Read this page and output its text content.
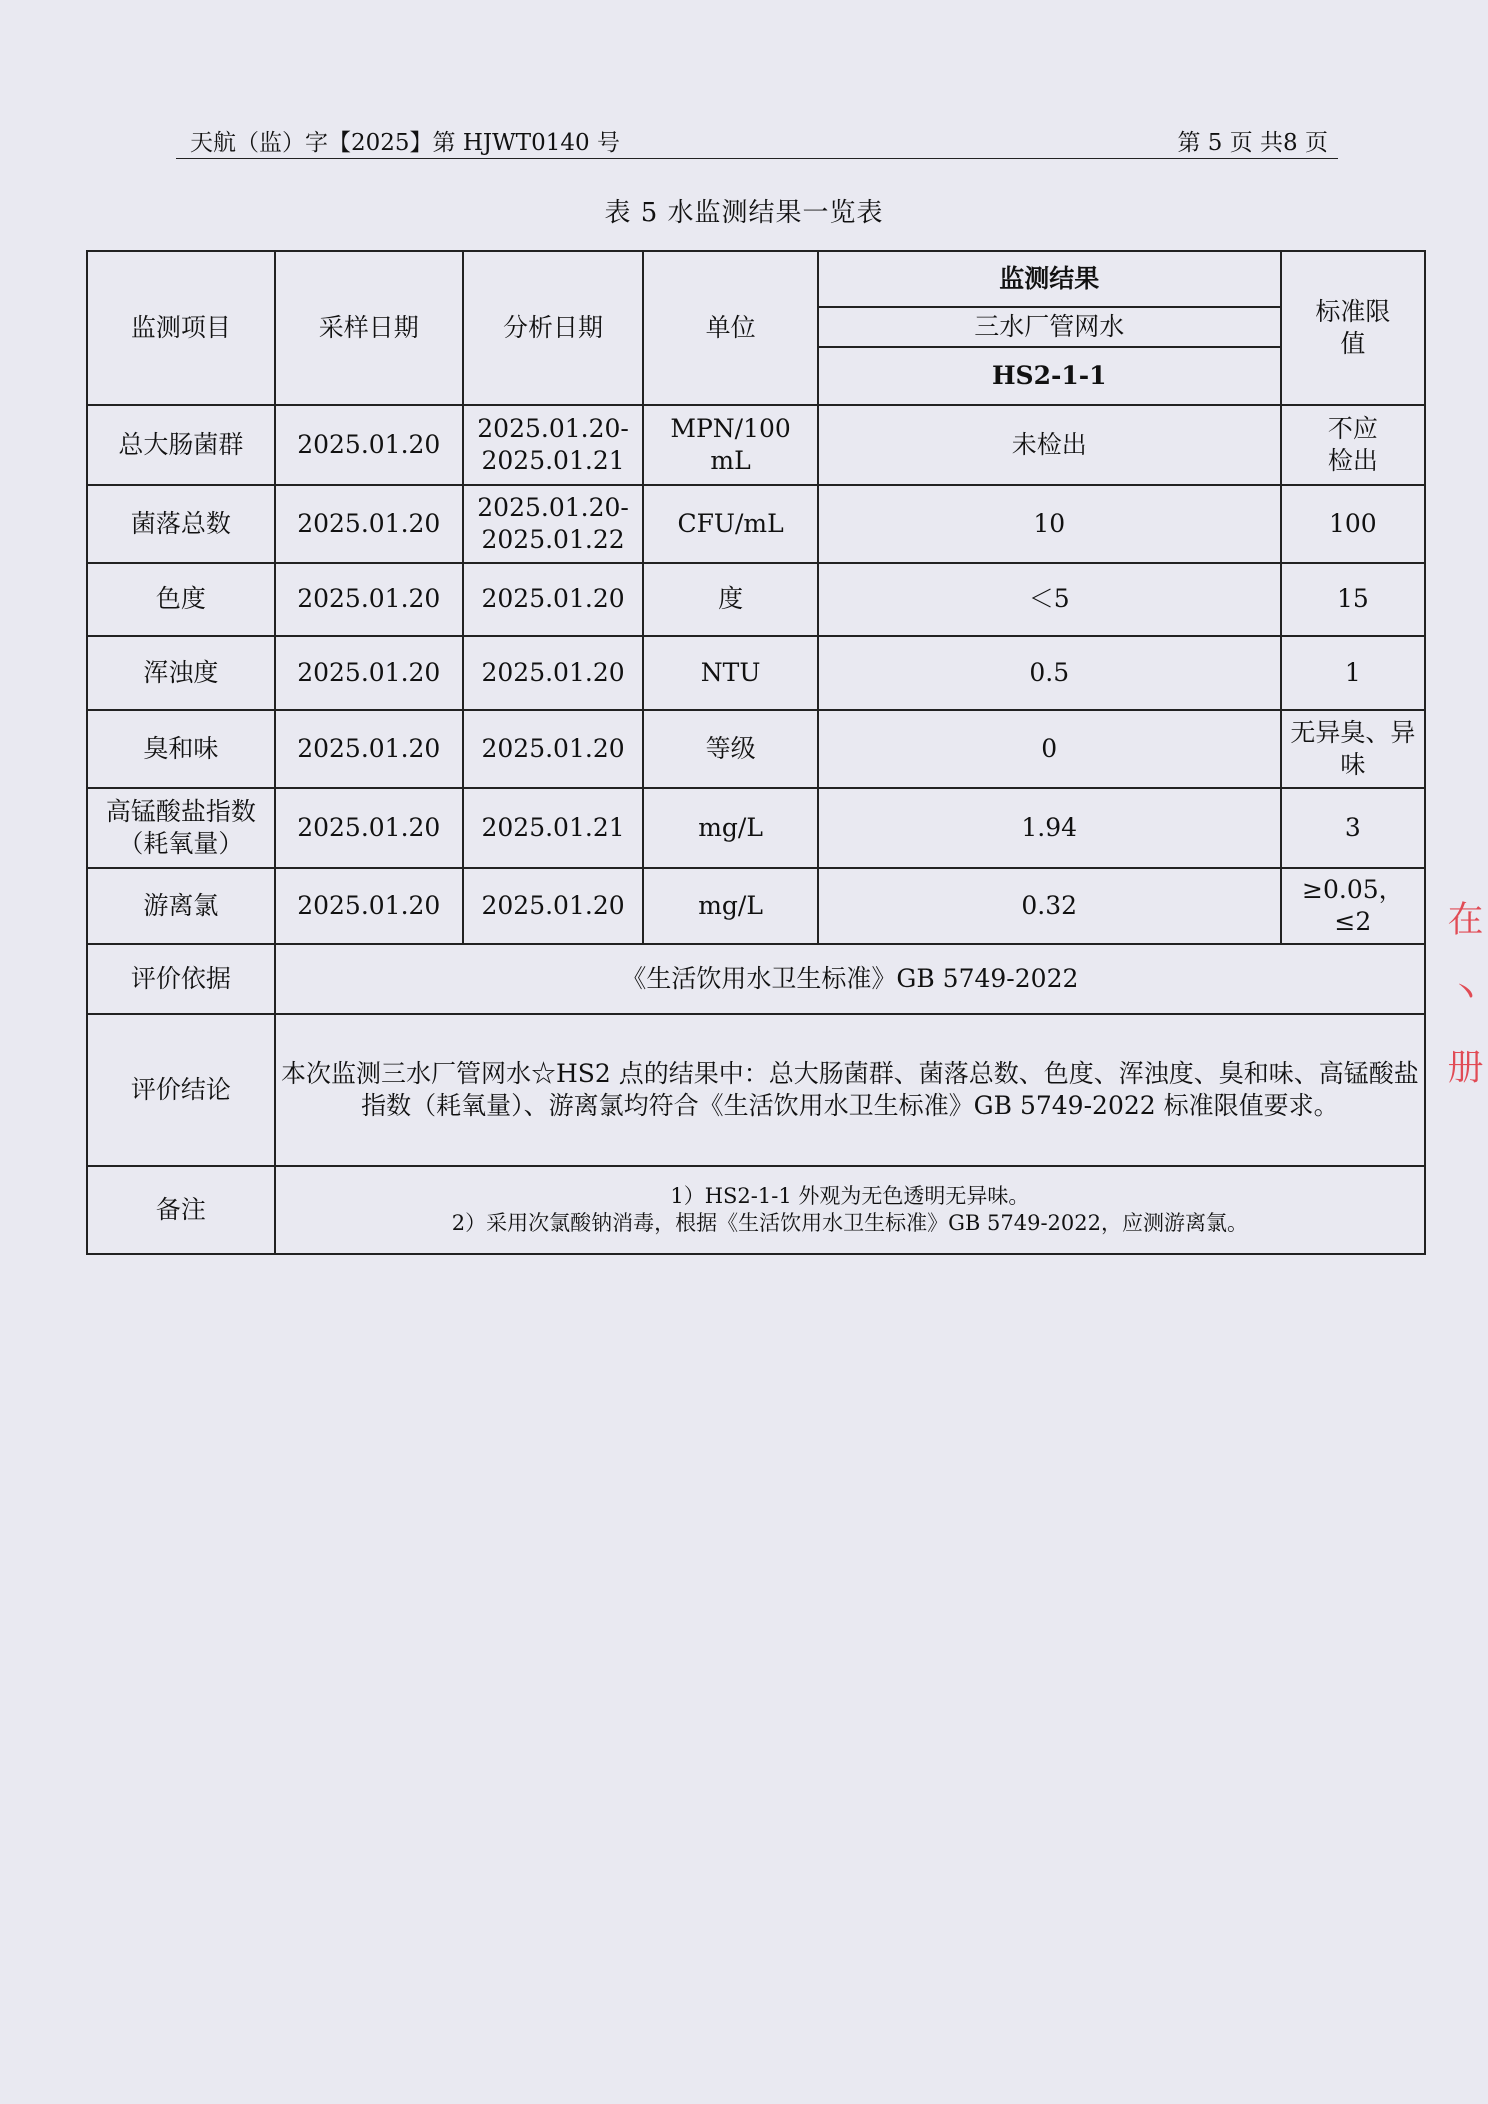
天航（监）字【2025】第 HJWT0140 号	第 5 页 共8 页
表 5 水监测结果一览表
监测项目	采样日期	分析日期	单位	监测结果	标准限值
				三水厂管网水	
				HS2-1-1	
总大肠菌群	2025.01.20	2025.01.20-2025.01.21	MPN/100 mL	未检出	不应检出
菌落总数	2025.01.20	2025.01.20-2025.01.22	CFU/mL	10	100
色度	2025.01.20	2025.01.20	度	＜5	15
浑浊度	2025.01.20	2025.01.20	NTU	0.5	1
臭和味	2025.01.20	2025.01.20	等级	0	无异臭、异味
高锰酸盐指数（耗氧量）	2025.01.20	2025.01.21	mg/L	1.94	3
游离氯	2025.01.20	2025.01.20	mg/L	0.32	≥0.05，≤2
评价依据	《生活饮用水卫生标准》GB 5749-2022				
评价结论	本次监测三水厂管网水☆HS2 点的结果中：总大肠菌群、菌落总数、色度、浑浊度、臭和味、高锰酸盐指数（耗氧量）、游离氯均符合《生活饮用水卫生标准》GB 5749-2022 标准限值要求。				
备注	1）HS2-1-1 外观为无色透明无异味。
2）采用次氯酸钠消毒，根据《生活饮用水卫生标准》GB 5749-2022，应测游离氯。				
在丶册
